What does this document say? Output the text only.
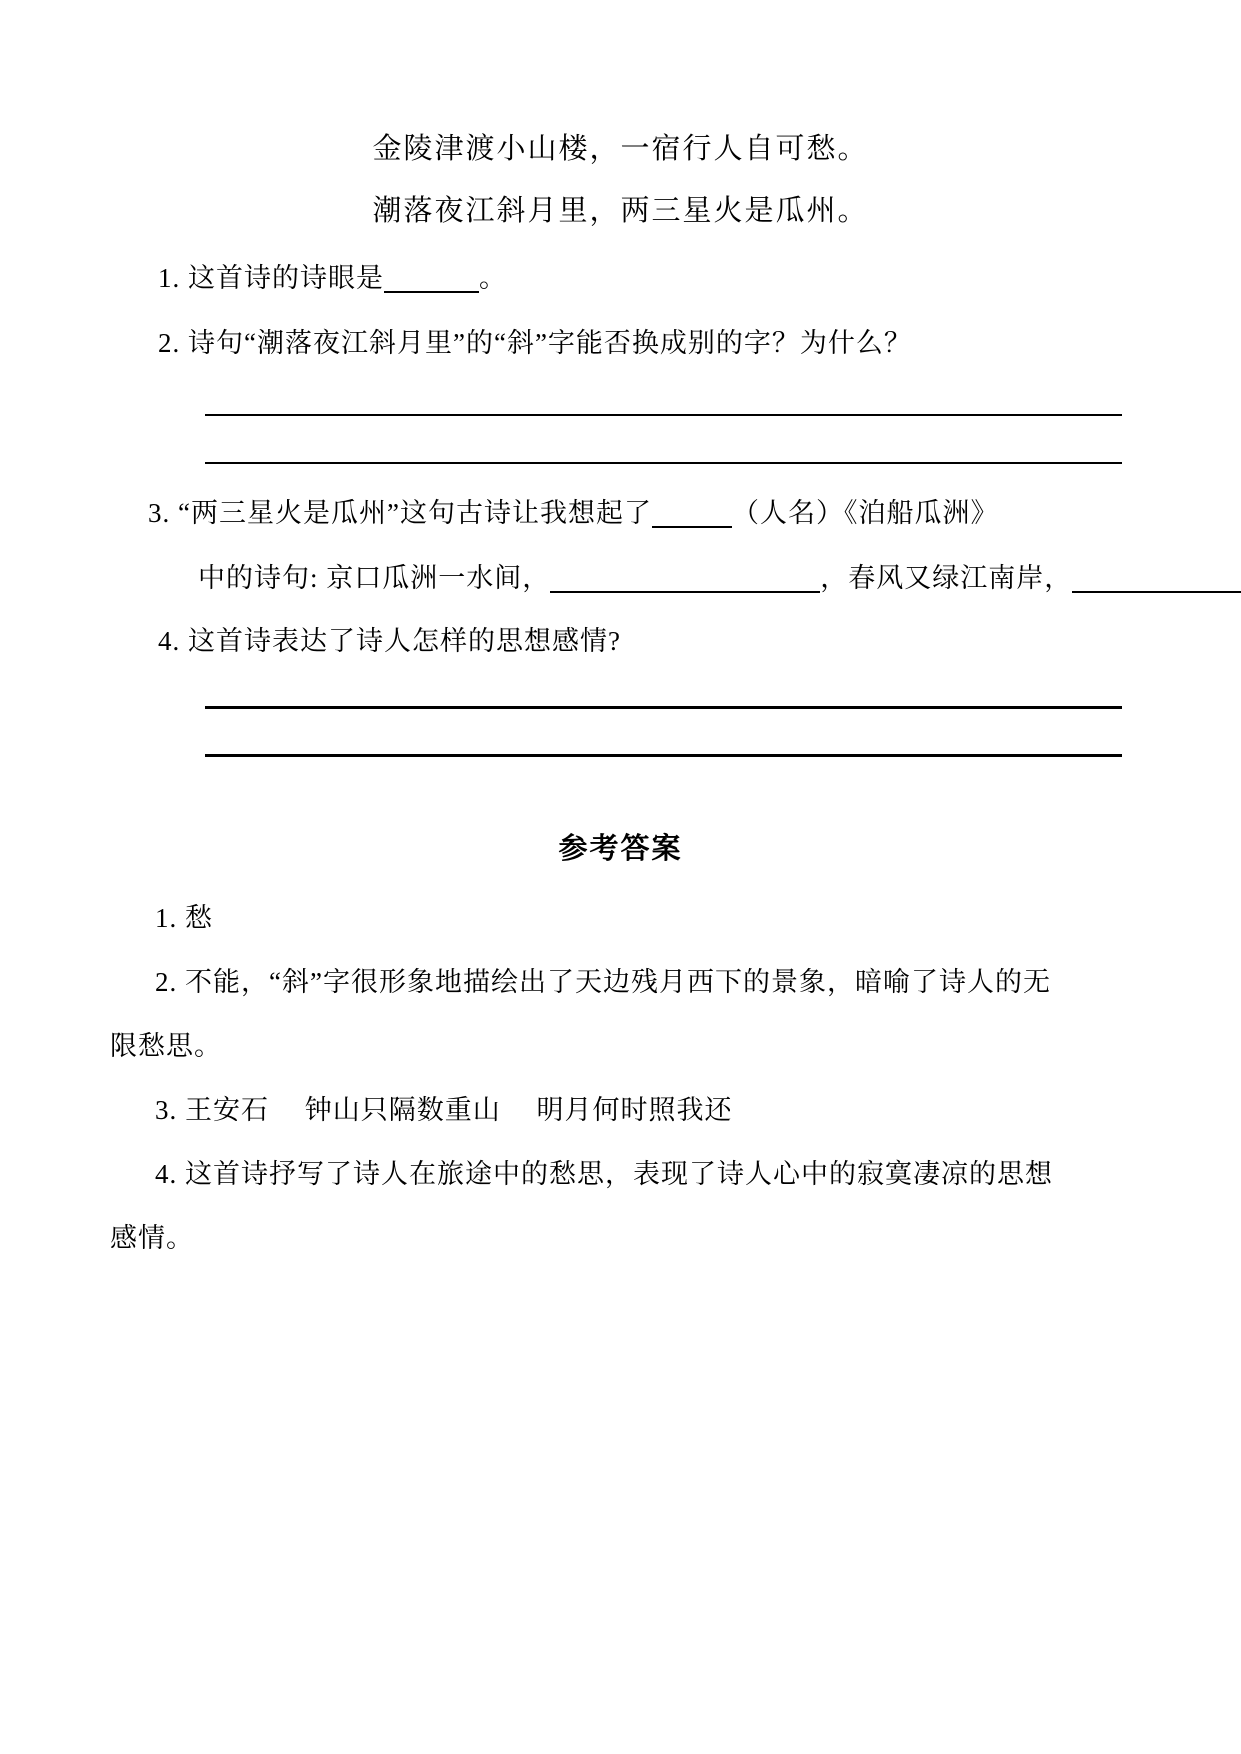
金陵津渡小山楼，一宿行人自可愁。
潮落夜江斜月里，两三星火是瓜州。
1. 这首诗的诗眼是	。
2. 诗句“潮落夜江斜月里”的“斜”字能否换成别的字？为什么？
3. “两三星火是瓜州”这句古诗让我想起了	（人名）《泊船瓜洲》
中的诗句: 京口瓜洲一水间，	，春风又绿江南岸，
4. 这首诗表达了诗人怎样的思想感情?
参考答案
1. 愁
2. 不能，“斜”字很形象地描绘出了天边残月西下的景象，暗喻了诗人的无
限愁思。
3. 王安石　 钟山只隔数重山　 明月何时照我还
4. 这首诗抒写了诗人在旅途中的愁思，表现了诗人心中的寂寞凄凉的思想
感情。
